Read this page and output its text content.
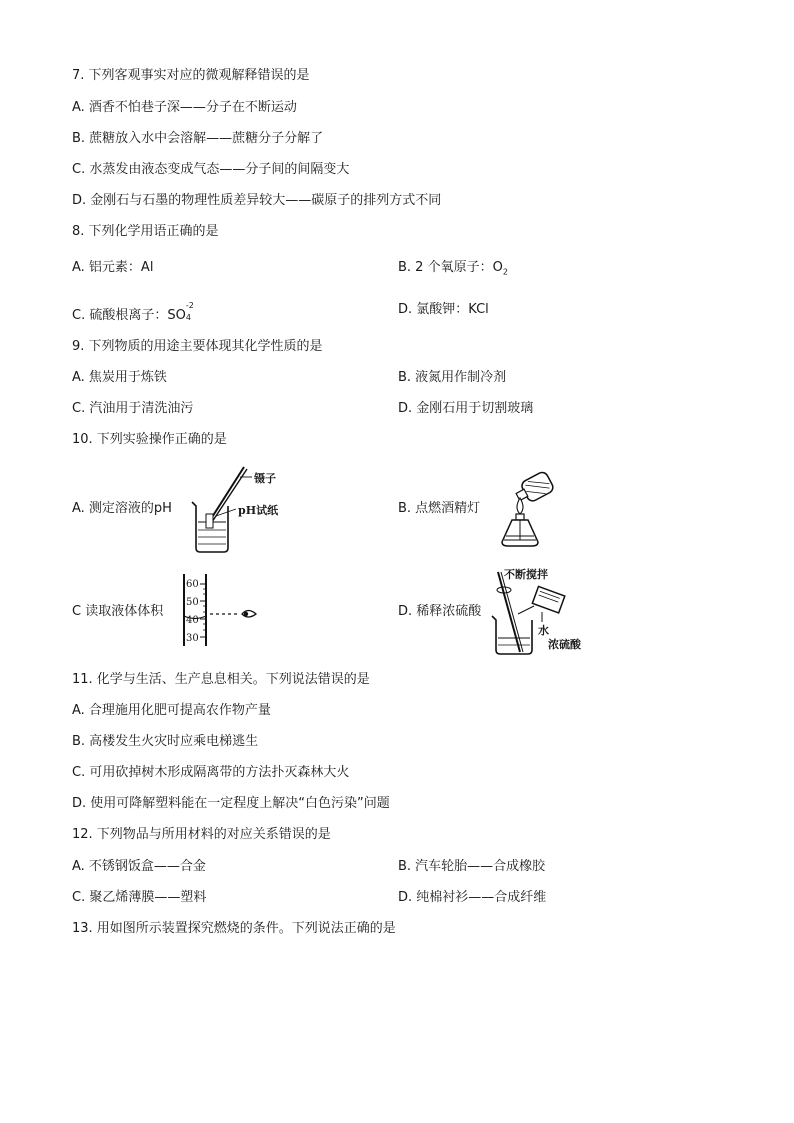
7. 下列客观事实对应的微观解释错误的是
A. 酒香不怕巷子深——分子在不断运动
B. 蔗糖放入水中会溶解——蔗糖分子分解了
C. 水蒸发由液态变成气态——分子间的间隔变大
D. 金刚石与石墨的物理性质差异较大——碳原子的排列方式不同
8. 下列化学用语正确的是
A. 铝元素：Al	B. 2 个氧原子：$O_2$
C. 硫酸根离子：SO
-2
4
D. 氯酸钾：KCl
9. 下列物质的用途主要体现其化学性质的是
A. 焦炭用于炼铁	B. 液氮用作制冷剂
C. 汽油用于清洗油污	D. 金刚石用于切割玻璃
10. 下列实验操作正确的是
A. 测定溶液的pH	B. 点燃酒精灯
C 读取液体体积	D. 稀释浓硫酸
镊子
pH试纸
60
50
40
30
不断搅拌
水
浓硫酸
11. 化学与生活、生产息息相关。下列说法错误的是
A. 合理施用化肥可提高农作物产量
B. 高楼发生火灾时应乘电梯逃生
C. 可用砍掉树木形成隔离带的方法扑灭森林大火
D. 使用可降解塑料能在一定程度上解决“白色污染”问题
12. 下列物品与所用材料的对应关系错误的是
A. 不锈钢饭盒——合金	B. 汽车轮胎——合成橡胶
C. 聚乙烯薄膜——塑料	D. 纯棉衬衫——合成纤维
13. 用如图所示装置探究燃烧的条件。下列说法正确的是
